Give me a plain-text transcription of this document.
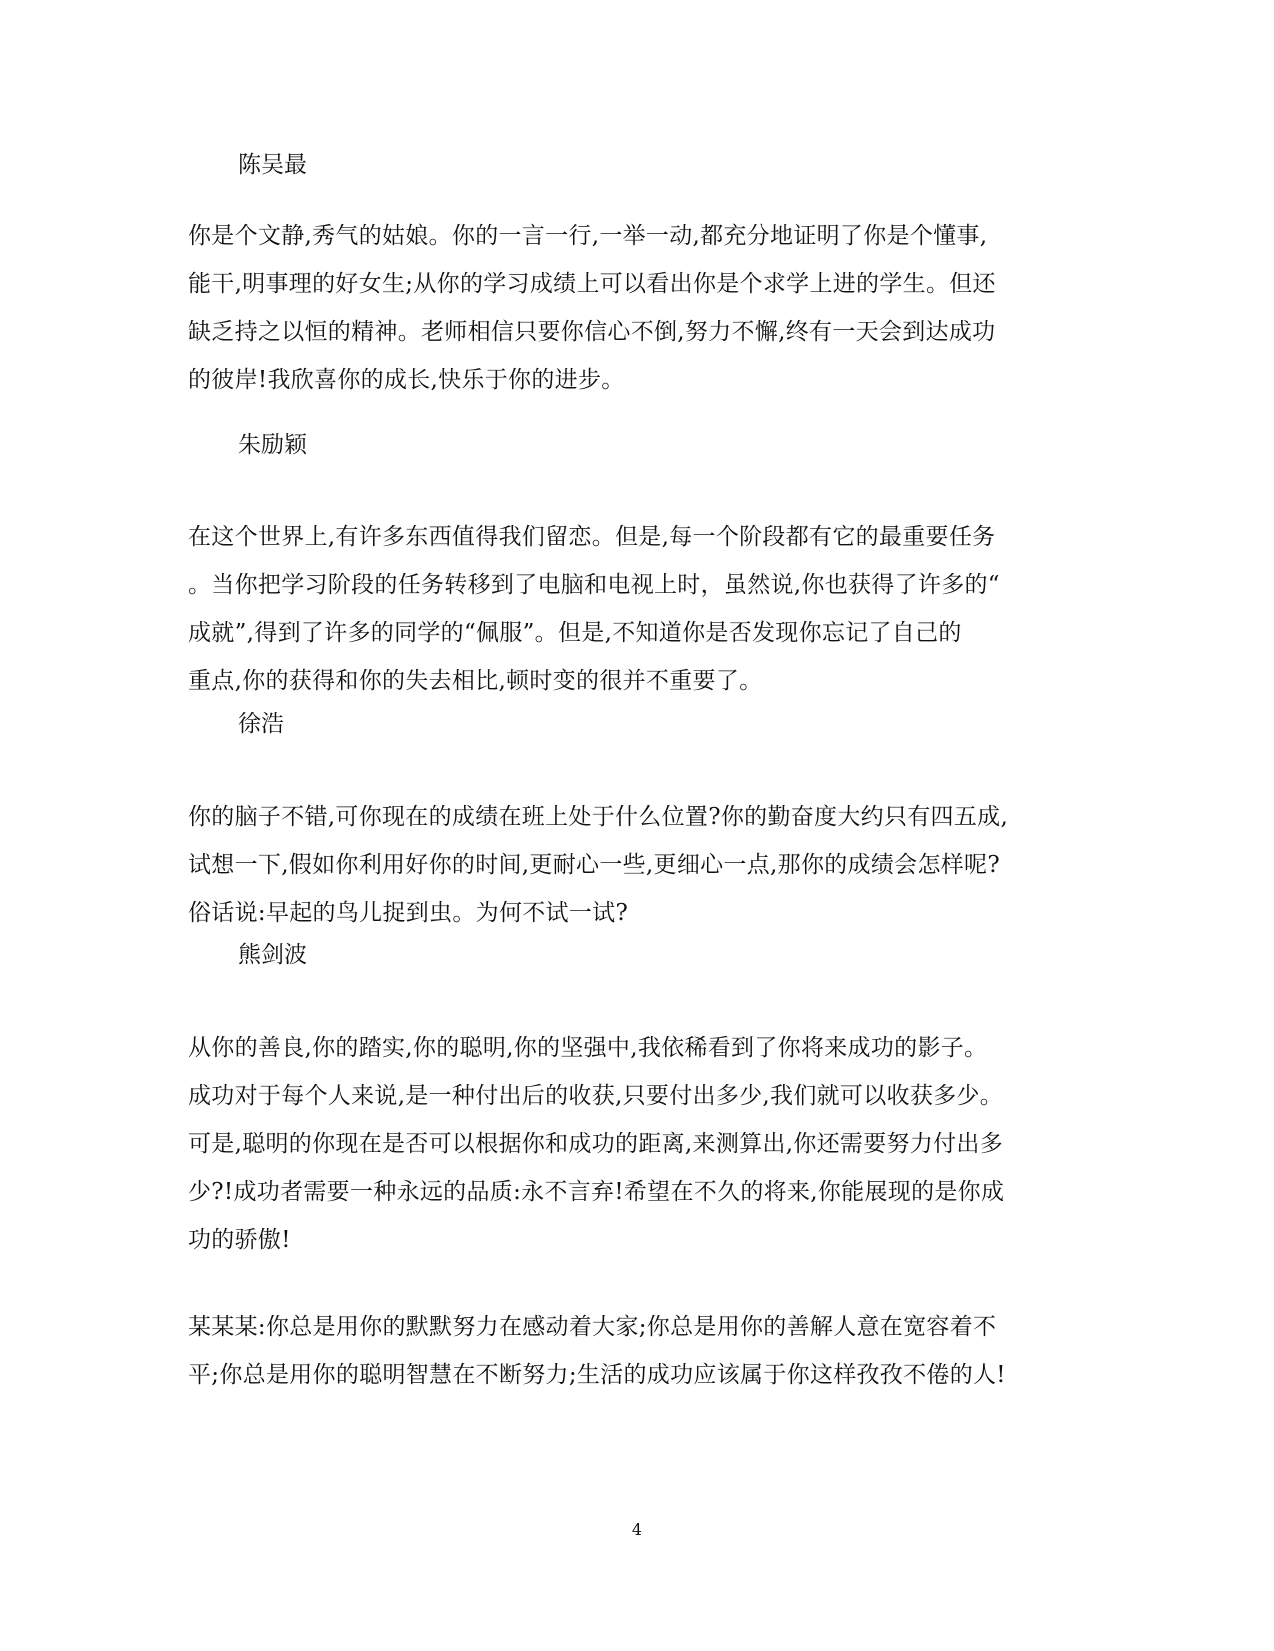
陈吴最

你是个文静,秀气的姑娘。你的一言一行,一举一动,都充分地证明了你是个懂事,
能干,明事理的好女生;从你的学习成绩上可以看出你是个求学上进的学生。但还
缺乏持之以恒的精神。老师相信只要你信心不倒,努力不懈,终有一天会到达成功
的彼岸!我欣喜你的成长,快乐于你的进步。

朱励颖

在这个世界上,有许多东西值得我们留恋。但是,每一个阶段都有它的最重要任务
。当你把学习阶段的任务转移到了电脑和电视上时，虽然说,你也获得了许多的“
成就”,得到了许多的同学的“佩服”。但是,不知道你是否发现你忘记了自己的
重点,你的获得和你的失去相比,顿时变的很并不重要了。

徐浩

你的脑子不错,可你现在的成绩在班上处于什么位置?你的勤奋度大约只有四五成,
试想一下,假如你利用好你的时间,更耐心一些,更细心一点,那你的成绩会怎样呢?
俗话说:早起的鸟儿捉到虫。为何不试一试?

熊剑波

从你的善良,你的踏实,你的聪明,你的坚强中,我依稀看到了你将来成功的影子。
成功对于每个人来说,是一种付出后的收获,只要付出多少,我们就可以收获多少。
可是,聪明的你现在是否可以根据你和成功的距离,来测算出,你还需要努力付出多
少?!成功者需要一种永远的品质:永不言弃!希望在不久的将来,你能展现的是你成
功的骄傲!
某某某:你总是用你的默默努力在感动着大家;你总是用你的善解人意在宽容着不
平;你总是用你的聪明智慧在不断努力;生活的成功应该属于你这样孜孜不倦的人!

4
